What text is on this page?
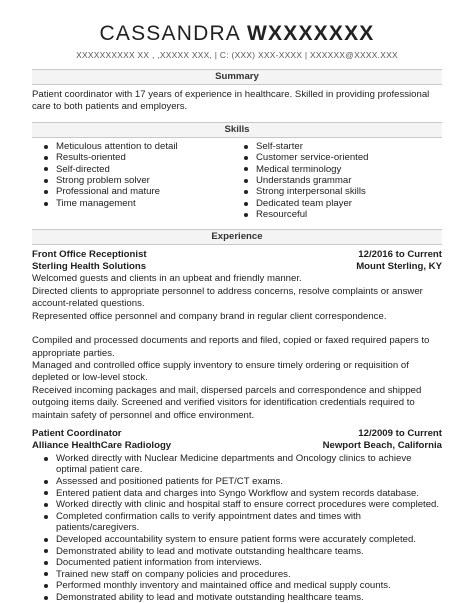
CASSANDRA WXXXXXXX
XXXXXXXXXX XX , ,XXXXX XXX, | C: (XXX) XXX-XXXX | XXXXXX@XXXX.XXX
Summary
Patient coordinator with 17 years of experience in healthcare. Skilled in providing professional care to both patients and employers.
Skills
Meticulous attention to detail
Results-oriented
Self-directed
Strong problem solver
Professional and mature
Time management
Self-starter
Customer service-oriented
Medical terminology
Understands grammar
Strong interpersonal skills
Dedicated team player
Resourceful
Experience
Front Office Receptionist	12/2016 to Current
Sterling Health Solutions	Mount Sterling, KY

Welcomed guests and clients in an upbeat and friendly manner.

Directed clients to appropriate personnel to address concerns, resolve complaints or answer account-related questions.

Represented office personnel and company brand in regular client correspondence.

Compiled and processed documents and reports and filed, copied or faxed required papers to appropriate parties.

Managed and controlled office supply inventory to ensure timely ordering or requisition of depleted or low-level stock.

Received incoming packages and mail, dispersed parcels and correspondence and shipped outgoing items daily. Screened and verified visitors for identification credentials required to maintain safety of personnel and office environment.

Patient Coordinator	12/2009 to Current
Alliance HealthCare Radiology	Newport Beach, California
Worked directly with Nuclear Medicine departments and Oncology clinics to achieve optimal patient care.
Assessed and positioned patients for PET/CT exams.
Entered patient data and charges into Syngo Workflow and system records database.
Worked directly with clinic and hospital staff to ensure correct procedures were completed.
Completed confirmation calls to verify appointment dates and times with patients/caregivers.
Developed accountability system to ensure patient forms were accurately completed.
Demonstrated ability to lead and motivate outstanding healthcare teams.
Documented patient information from interviews.
Trained new staff on company policies and procedures.
Performed monthly inventory and maintained office and medical supply counts.
Demonstrated ability to lead and motivate outstanding healthcare teams.
